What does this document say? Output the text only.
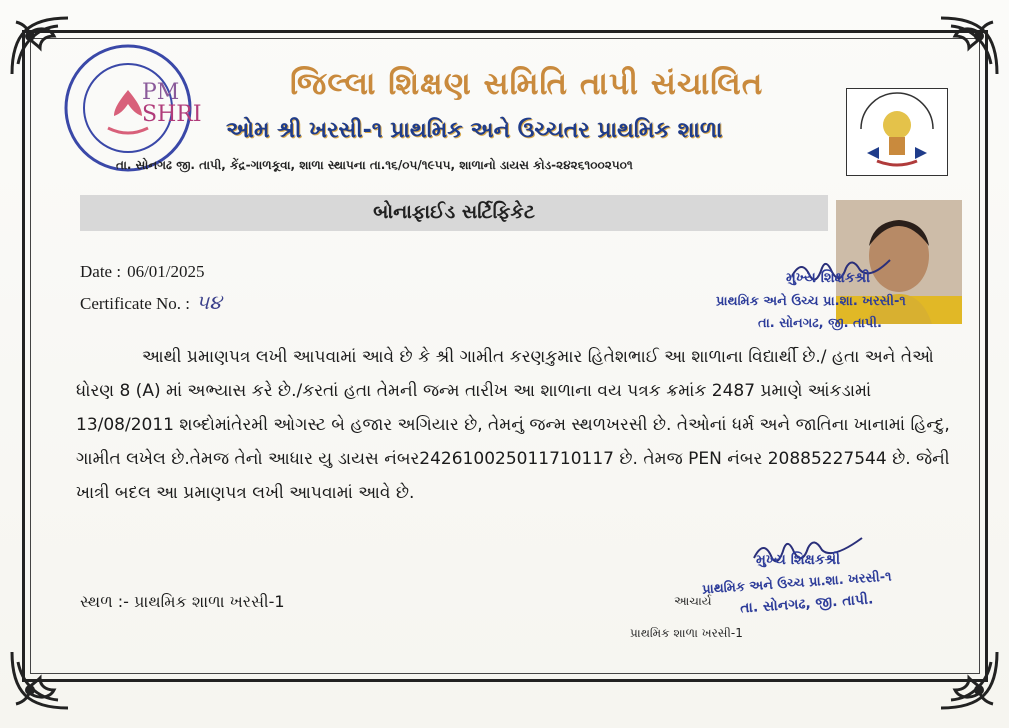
PM
SHRI
જિલ્લા શિક્ષણ સમિતિ તાપી સંચાલિત
ઓમ શ્રી ખરસી-૧ પ્રાથમિક અને ઉચ્ચતર પ્રાથમિક શાળા
તા. સોનગઢ જી. તાપી, કેંદ્ર-ગાળકૂવા, શાળા સ્થાપના તા.૧૬/૦૫/૧૯૫૫, શાળાનો ડાયસ કોડ-૨૪૨૬૧૦૦૨૫૦૧
બોનાફાઈડ સર્ટિફિકેટ
Date : 06/01/2025
Certificate No. : ૫૪
મુખ્ય શિક્ષકશ્રી
પ્રાથમિક અને ઉચ્ચ પ્રા.શા. ખરસી-૧
તા. સોનગઢ, જી. તાપી.
આથી પ્રમાણપત્ર લખી આપવામાં આવે છે કે શ્રી ગામીત કરણકુમાર હિતેશભાઈ આ શાળાના વિદ્યાર્થી છે./ હતા અને તેઓ ધોરણ 8 (A) માં અભ્યાસ કરે છે./કરતાં હતા તેમની જન્મ તારીખ આ શાળાના વય પત્રક ક્રમાંક 2487 પ્રમાણે આંકડામાં 13/08/2011 શબ્દોમાંતેરમી ઓગસ્ટ બે હજાર અગિયાર છે, તેમનું જન્મ સ્થળખરસી છે. તેઓનાં ધર્મ અને જાતિના ખાનામાં હિન્દુ, ગામીત લખેલ છે.તેમજ તેનો આધાર યુ ડાયસ નંબર242610025011710117 છે. તેમજ PEN નંબર 20885227544 છે. જેની ખાત્રી બદલ આ પ્રમાણપત્ર લખી આપવામાં આવે છે.
સ્થળ :- પ્રાથમિક શાળા ખરસી-1
મુખ્ય શિક્ષકશ્રી
આચાર્ય
પ્રાથમિક અને ઉચ્ચ પ્રા.શા. ખરસી-૧
તા. સોનગઢ, જી. તાપી.
પ્રાથમિક શાળા ખરસી-1
